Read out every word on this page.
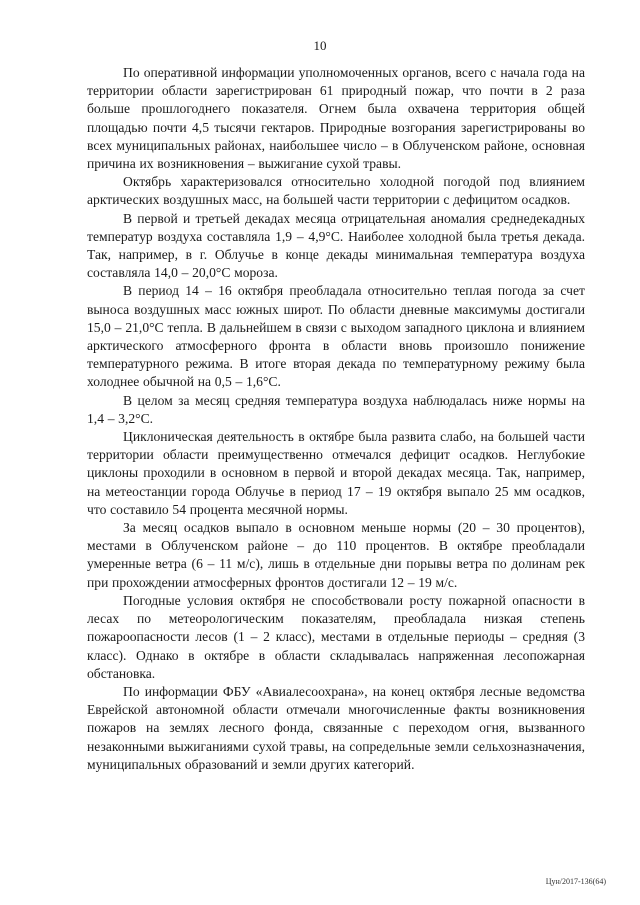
10

По оперативной информации уполномоченных органов, всего с начала года на территории области зарегистрирован 61 природный пожар, что почти в 2 раза больше прошлогоднего показателя. Огнем была охвачена территория общей площадью почти 4,5 тысячи гектаров. Природные возгорания зарегистрированы во всех муниципальных районах, наибольшее число – в Облученском районе, основная причина их возникновения – выжигание сухой травы.

Октябрь характеризовался относительно холодной погодой под влиянием арктических воздушных масс, на большей части территории с дефицитом осадков.

В первой и третьей декадах месяца отрицательная аномалия среднедекадных температур воздуха составляла 1,9 – 4,9°С. Наиболее холодной была третья декада. Так, например, в г. Облучье в конце декады минимальная температура воздуха составляла 14,0 – 20,0°С мороза.

В период 14 – 16 октября преобладала относительно теплая погода за счет выноса воздушных масс южных широт. По области дневные максимумы достигали 15,0 – 21,0°С тепла. В дальнейшем в связи с выходом западного циклона и влиянием арктического атмосферного фронта в области вновь произошло понижение температурного режима. В итоге вторая декада по температурному режиму была холоднее обычной на 0,5 – 1,6°С.

В целом за месяц средняя температура воздуха наблюдалась ниже нормы на 1,4 – 3,2°С.

Циклоническая деятельность в октябре была развита слабо, на большей части территории области преимущественно отмечался дефицит осадков. Неглубокие циклоны проходили в основном в первой и второй декадах месяца. Так, например, на метеостанции города Облучье в период 17 – 19 октября выпало 25 мм осадков, что составило 54 процента месячной нормы.

За месяц осадков выпало в основном меньше нормы (20 – 30 процентов), местами в Облученском районе – до 110 процентов. В октябре преобладали умеренные ветра (6 – 11 м/с), лишь в отдельные дни порывы ветра по долинам рек при прохождении атмосферных фронтов достигали 12 – 19 м/с.

Погодные условия октября не способствовали росту пожарной опасности в лесах по метеорологическим показателям, преобладала низкая степень пожароопасности лесов (1 – 2 класс), местами в отдельные периоды – средняя (3 класс). Однако в октябре в области складывалась напряженная лесопожарная обстановка.

По информации ФБУ «Авиалесоохрана», на конец октября лесные ведомства Еврейской автономной области отмечали многочисленные факты возникновения пожаров на землях лесного фонда, связанные с переходом огня, вызванного незаконными выжиганиями сухой травы, на сопредельные земли сельхозназначения, муниципальных образований и земли других категорий.

Цун/2017-136(64)
